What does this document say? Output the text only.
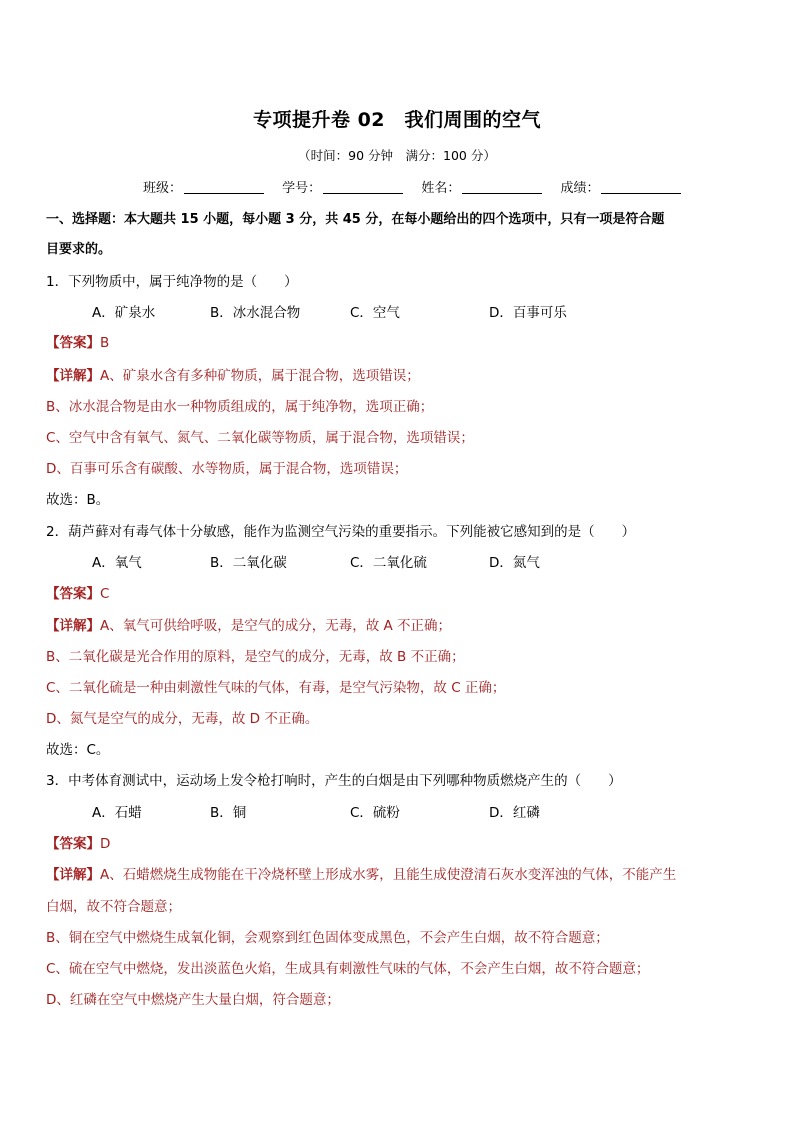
专项提升卷 02　我们周围的空气
（时间：90 分钟　满分：100 分）
班级：	学号：	姓名：	成绩：
一、选择题：本大题共 15 小题，每小题 3 分，共 45 分，在每小题给出的四个选项中，只有一项是符合题
目要求的。
1．下列物质中，属于纯净物的是（　　）
A．矿泉水	B．冰水混合物	C．空气	D．百事可乐
【答案】B
【详解】A、矿泉水含有多种矿物质，属于混合物，选项错误；
B、冰水混合物是由水一种物质组成的，属于纯净物，选项正确；
C、空气中含有氧气、氮气、二氧化碳等物质，属于混合物，选项错误；
D、百事可乐含有碳酸、水等物质，属于混合物，选项错误；
故选：B。
2．葫芦藓对有毒气体十分敏感，能作为监测空气污染的重要指示。下列能被它感知到的是（　　）
A．氧气	B．二氧化碳	C．二氧化硫	D．氮气
【答案】C
【详解】A、氧气可供给呼吸，是空气的成分，无毒，故 A 不正确；
B、二氧化碳是光合作用的原料，是空气的成分，无毒，故 B 不正确；
C、二氧化硫是一种由刺激性气味的气体，有毒，是空气污染物，故 C 正确；
D、氮气是空气的成分，无毒，故 D 不正确。
故选：C。
3．中考体育测试中，运动场上发令枪打响时，产生的白烟是由下列哪种物质燃烧产生的（　　）
A．石蜡	B．铜	C．硫粉	D．红磷
【答案】D
【详解】A、石蜡燃烧生成物能在干冷烧杯壁上形成水雾，且能生成使澄清石灰水变浑浊的气体，不能产生
白烟，故不符合题意；
B、铜在空气中燃烧生成氧化铜，会观察到红色固体变成黑色，不会产生白烟，故不符合题意；
C、硫在空气中燃烧，发出淡蓝色火焰，生成具有刺激性气味的气体，不会产生白烟，故不符合题意；
D、红磷在空气中燃烧产生大量白烟，符合题意；
